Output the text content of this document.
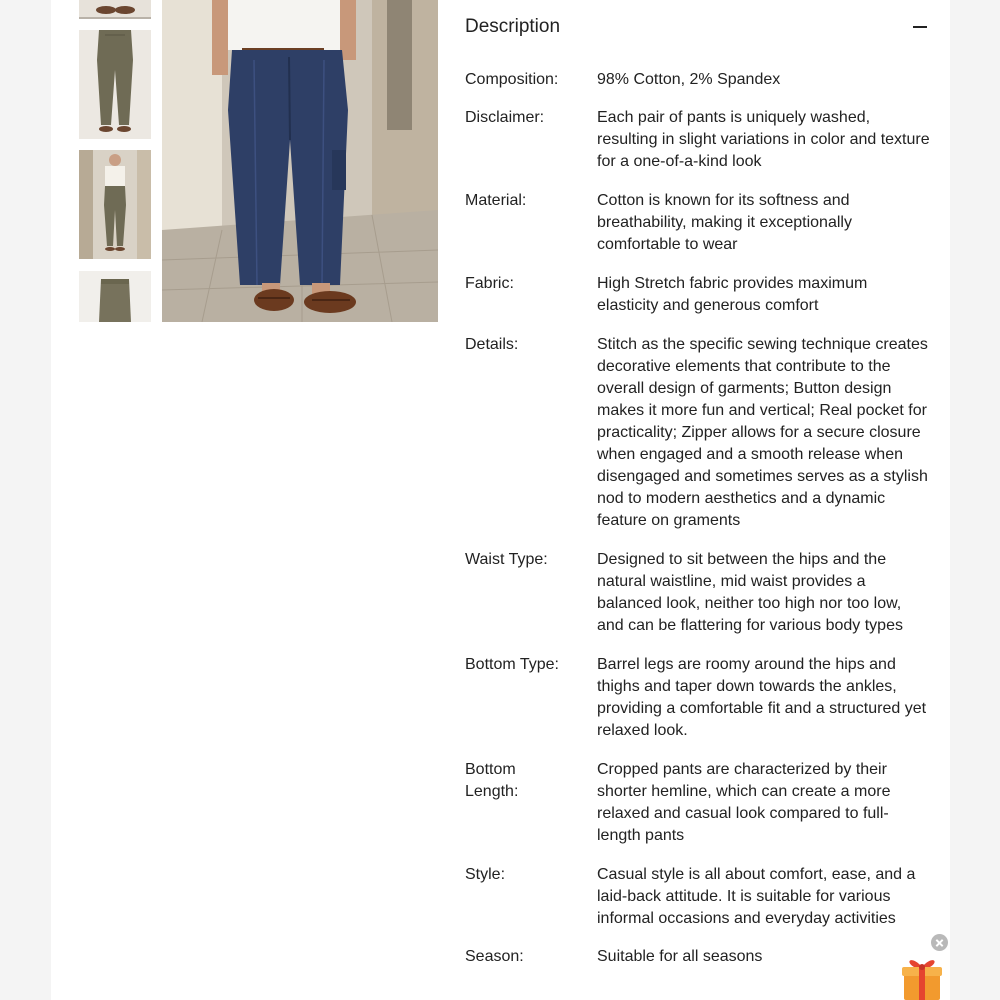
Description
Composition:	98% Cotton, 2% Spandex
Disclaimer:	Each pair of pants is uniquely washed, resulting in slight variations in color and texture for a one-of-a-kind look
Material:	Cotton is known for its softness and breathability, making it exceptionally comfortable to wear
Fabric:	High Stretch fabric provides maximum elasticity and generous comfort
Details:	Stitch as the specific sewing technique creates decorative elements that contribute to the overall design of garments; Button design makes it more fun and vertical; Real pocket for practicality; Zipper allows for a secure closure when engaged and a smooth release when disengaged and sometimes serves as a stylish nod to modern aesthetics and a dynamic feature on graments
Waist Type:	Designed to sit between the hips and the natural waistline, mid waist provides a balanced look, neither too high nor too low, and can be flattering for various body types
Bottom Type:	Barrel legs are roomy around the hips and thighs and taper down towards the ankles, providing a comfortable fit and a structured yet relaxed look.
Bottom Length:
Cropped pants are characterized by their shorter hemline, which can create a more relaxed and casual look compared to full-length pants
Style:	Casual style is all about comfort, ease, and a laid-back attitude. It is suitable for various informal occasions and everyday activities
Season:	Suitable for all seasons
